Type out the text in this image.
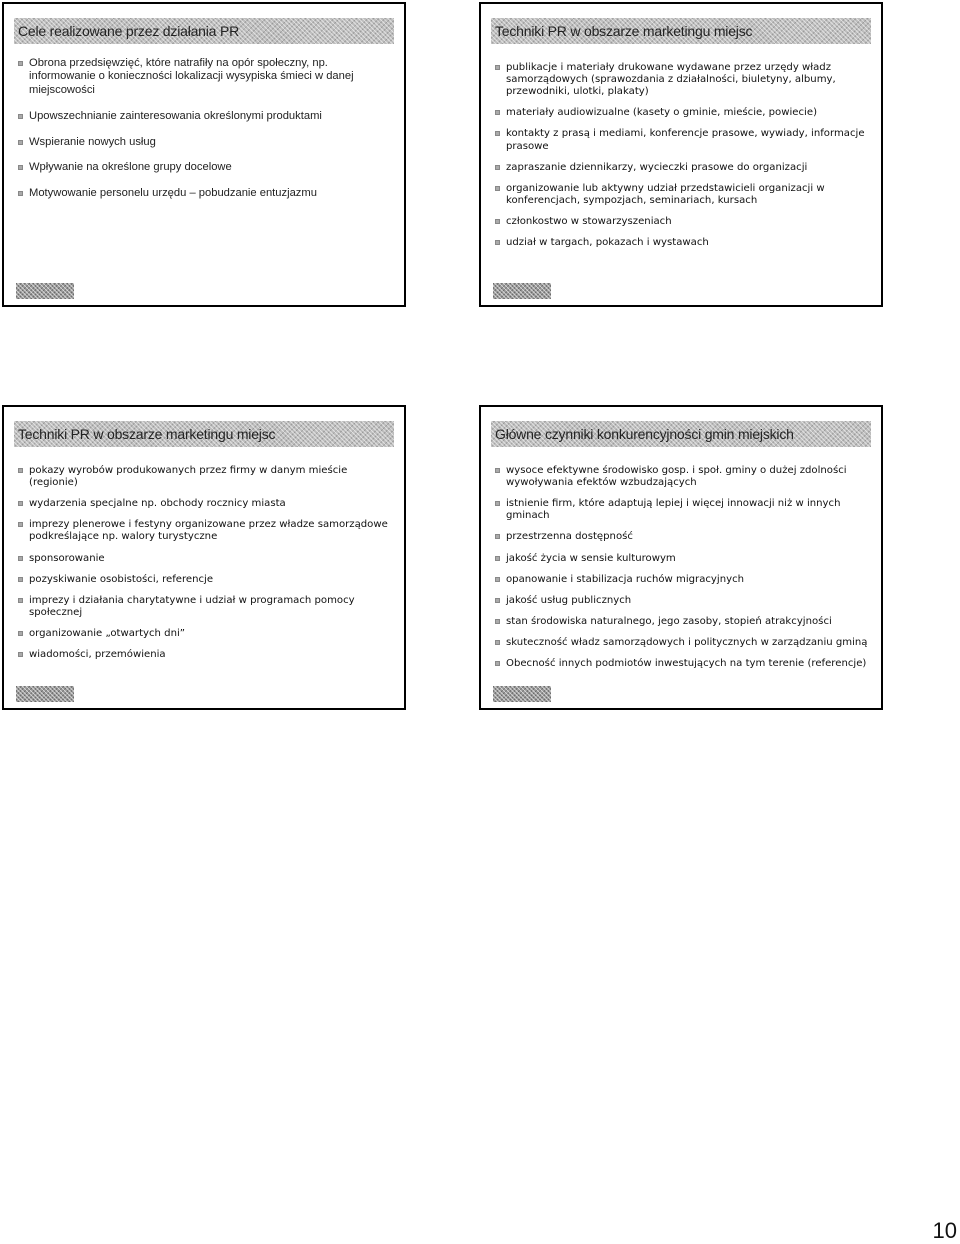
Cele realizowane przez działania PR
Obrona przedsięwzięć, które natrafiły na opór społeczny, np. informowanie o konieczności lokalizacji wysypiska śmieci w danej miejscowości
Upowszechnianie zainteresowania określonymi produktami
Wspieranie nowych usług
Wpływanie na określone grupy docelowe
Motywowanie personelu urzędu – pobudzanie entuzjazmu
Techniki PR w obszarze marketingu miejsc
publikacje i materiały drukowane wydawane przez urzędy władz samorządowych (sprawozdania z działalności, biuletyny, albumy, przewodniki, ulotki, plakaty)
materiały audiowizualne (kasety o gminie, mieście, powiecie)
kontakty z prasą i mediami, konferencje prasowe, wywiady, informacje prasowe
zapraszanie dziennikarzy, wycieczki prasowe do organizacji
organizowanie lub aktywny udział przedstawicieli organizacji w konferencjach, sympozjach, seminariach, kursach
członkostwo w stowarzyszeniach
udział w targach, pokazach i wystawach
Techniki PR w obszarze marketingu miejsc
pokazy wyrobów produkowanych przez firmy w danym mieście (regionie)
wydarzenia specjalne np. obchody rocznicy miasta
imprezy plenerowe i festyny organizowane przez władze samorządowe podkreślające np. walory turystyczne
sponsorowanie
pozyskiwanie osobistości, referencje
imprezy i działania charytatywne i udział w programach pomocy społecznej
organizowanie „otwartych dni”
wiadomości, przemówienia
Główne czynniki konkurencyjności gmin miejskich
wysoce efektywne środowisko gosp. i społ. gminy o dużej zdolności wywoływania efektów wzbudzających
istnienie firm, które adaptują lepiej i więcej innowacji niż w innych gminach
przestrzenna dostępność
jakość życia w sensie kulturowym
opanowanie i stabilizacja ruchów migracyjnych
jakość usług publicznych
stan środowiska naturalnego, jego zasoby, stopień atrakcyjności
skuteczność władz samorządowych i politycznych w zarządzaniu gminą
Obecność innych podmiotów inwestujących na tym terenie (referencje)
10
